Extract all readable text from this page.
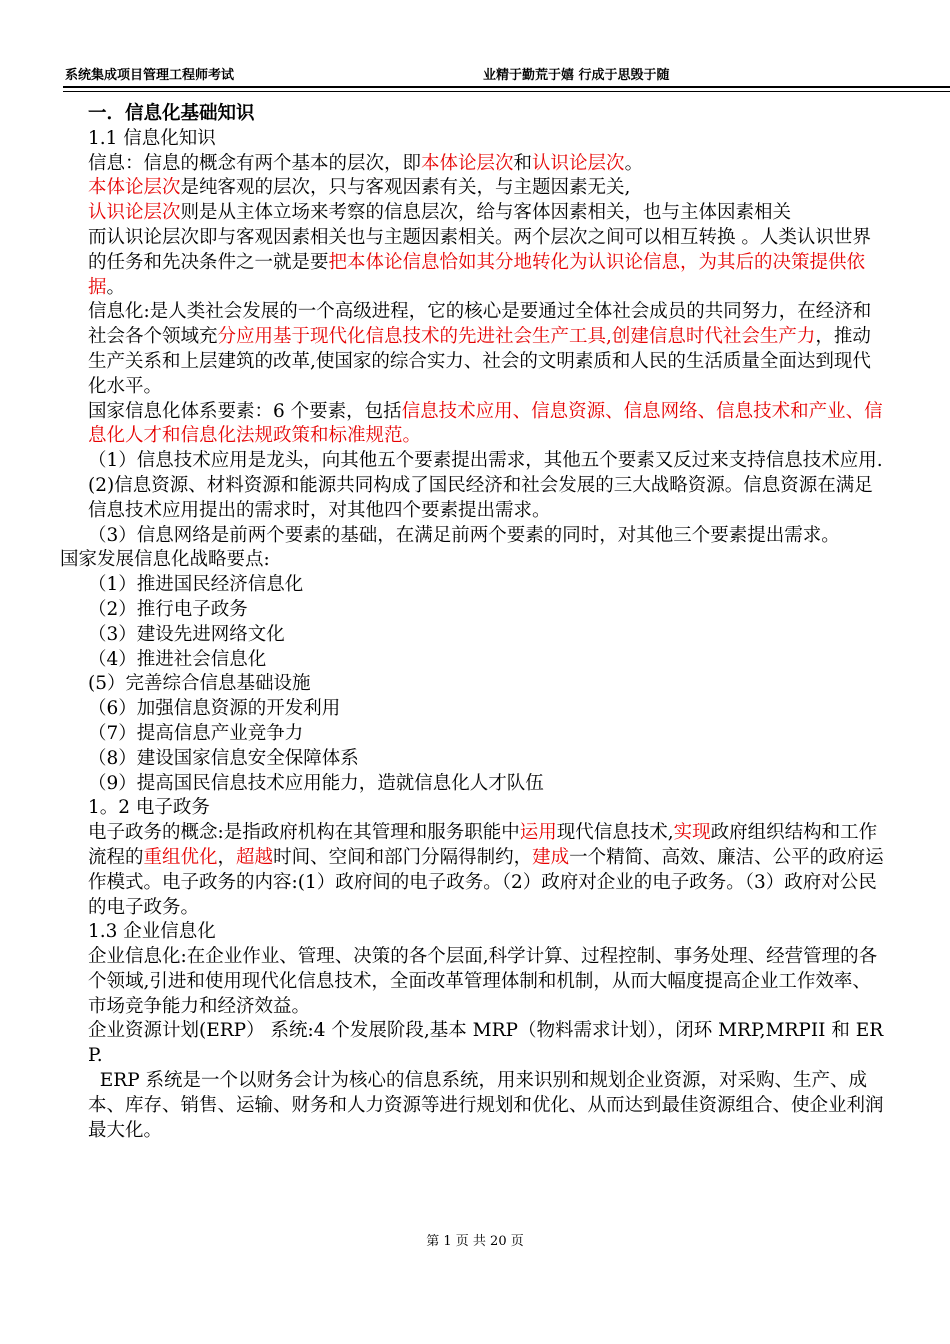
系统集成项目管理工程师考试	业精于勤荒于嬉 行成于思毁于随

一．信息化基础知识

1.1 信息化知识

信息：信息的概念有两个基本的层次，即本体论层次和认识论层次。

本体论层次是纯客观的层次，只与客观因素有关，与主题因素无关,

认识论层次则是从主体立场来考察的信息层次，给与客体因素相关，也与主体因素相关

而认识论层次即与客观因素相关也与主题因素相关。两个层次之间可以相互转换 。人类认识世界的任务和先决条件之一就是要把本体论信息恰如其分地转化为认识论信息，为其后的决策提供依据。

信息化:是人类社会发展的一个高级进程，它的核心是要通过全体社会成员的共同努力，在经济和社会各个领域充分应用基于现代化信息技术的先进社会生产工具,创建信息时代社会生产力，推动生产关系和上层建筑的改革,使国家的综合实力、社会的文明素质和人民的生活质量全面达到现代化水平。

国家信息化体系要素：6 个要素，包括信息技术应用、信息资源、信息网络、信息技术和产业、信息化人才和信息化法规政策和标准规范。

（1）信息技术应用是龙头，向其他五个要素提出需求，其他五个要素又反过来支持信息技术应用.

(2)信息资源、材料资源和能源共同构成了国民经济和社会发展的三大战略资源。信息资源在满足信息技术应用提出的需求时，对其他四个要素提出需求。

（3）信息网络是前两个要素的基础，在满足前两个要素的同时，对其他三个要素提出需求。

国家发展信息化战略要点:

（1）推进国民经济信息化

（2）推行电子政务

（3）建设先进网络文化

（4）推进社会信息化

(5）完善综合信息基础设施

（6）加强信息资源的开发利用

（7）提高信息产业竞争力

（8）建设国家信息安全保障体系

（9）提高国民信息技术应用能力，造就信息化人才队伍

1。2 电子政务

电子政务的概念:是指政府机构在其管理和服务职能中运用现代信息技术,实现政府组织结构和工作流程的重组优化，超越时间、空间和部门分隔得制约，建成一个精简、高效、廉洁、公平的政府运作模式。电子政务的内容:(1）政府间的电子政务。（2）政府对企业的电子政务。（3）政府对公民的电子政务。

1.3 企业信息化

企业信息化:在企业作业、管理、决策的各个层面,科学计算、过程控制、事务处理、经营管理的各个领域,引进和使用现代化信息技术，全面改革管理体制和机制，从而大幅度提高企业工作效率、市场竞争能力和经济效益。

企业资源计划(ERP） 系统:4 个发展阶段,基本 MRP（物料需求计划），闭环 MRP,MRPII 和 ERP.

ERP 系统是一个以财务会计为核心的信息系统，用来识别和规划企业资源，对采购、生产、成本、库存、销售、运输、财务和人力资源等进行规划和优化、从而达到最佳资源组合、使企业利润最大化。

第 1 页 共 20 页
